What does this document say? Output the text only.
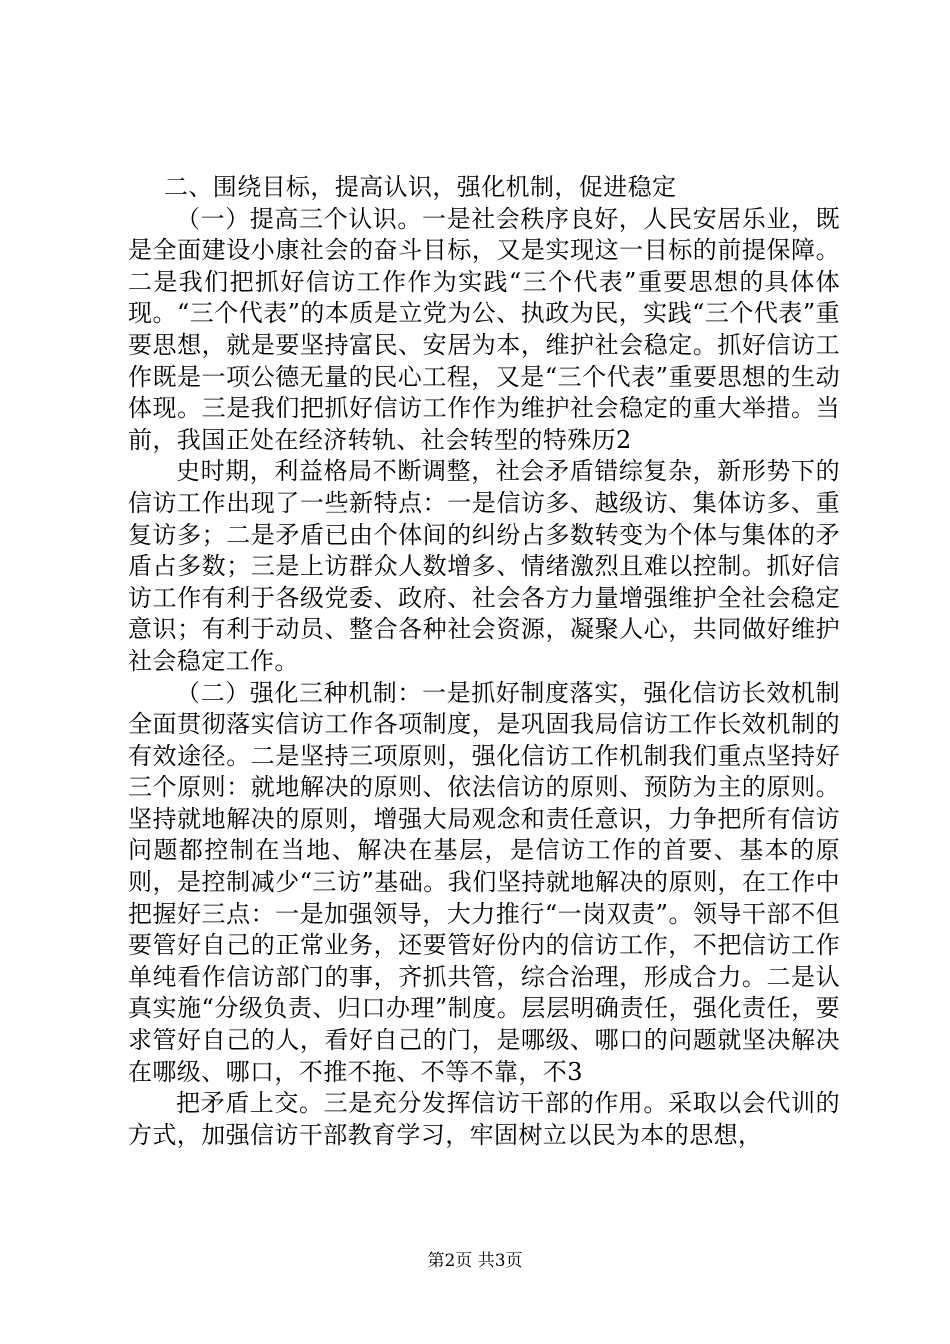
二、围绕目标，提高认识，强化机制，促进稳定

（一）提高三个认识。一是社会秩序良好，人民安居乐业，既是全面建设小康社会的奋斗目标，又是实现这一目标的前提保障。二是我们把抓好信访工作作为实践“三个代表”重要思想的具体体现。“三个代表”的本质是立党为公、执政为民，实践“三个代表”重要思想，就是要坚持富民、安居为本，维护社会稳定。抓好信访工作既是一项公德无量的民心工程，又是“三个代表”重要思想的生动体现。三是我们把抓好信访工作作为维护社会稳定的重大举措。当前，我国正处在经济转轨、社会转型的特殊历2

史时期，利益格局不断调整，社会矛盾错综复杂，新形势下的信访工作出现了一些新特点：一是信访多、越级访、集体访多、重复访多；二是矛盾已由个体间的纠纷占多数转变为个体与集体的矛盾占多数；三是上访群众人数增多、情绪激烈且难以控制。抓好信访工作有利于各级党委、政府、社会各方力量增强维护全社会稳定意识；有利于动员、整合各种社会资源，凝聚人心，共同做好维护社会稳定工作。

（二）强化三种机制：一是抓好制度落实，强化信访长效机制全面贯彻落实信访工作各项制度，是巩固我局信访工作长效机制的有效途径。二是坚持三项原则，强化信访工作机制我们重点坚持好三个原则：就地解决的原则、依法信访的原则、预防为主的原则。坚持就地解决的原则，增强大局观念和责任意识，力争把所有信访问题都控制在当地、解决在基层，是信访工作的首要、基本的原则，是控制减少“三访”基础。我们坚持就地解决的原则，在工作中把握好三点：一是加强领导，大力推行“一岗双责”。领导干部不但要管好自己的正常业务，还要管好份内的信访工作，不把信访工作单纯看作信访部门的事，齐抓共管，综合治理，形成合力。二是认真实施“分级负责、归口办理”制度。层层明确责任，强化责任，要求管好自己的人，看好自己的门，是哪级、哪口的问题就坚决解决在哪级、哪口，不推不拖、不等不靠，不3

把矛盾上交。三是充分发挥信访干部的作用。采取以会代训的方式，加强信访干部教育学习，牢固树立以民为本的思想，

第2页 共3页
